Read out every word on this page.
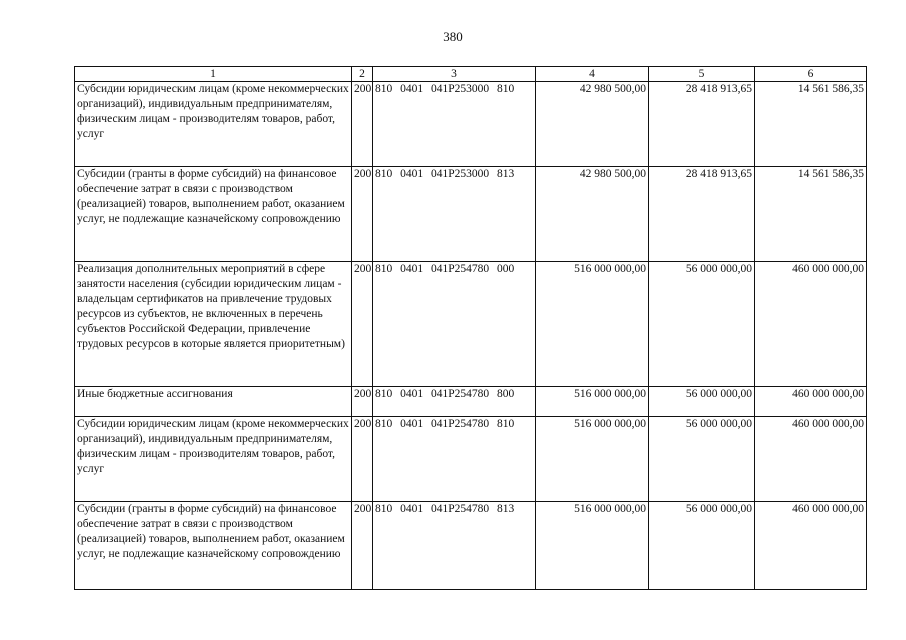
380
1	2	3	4	5	6
Субсидии юридическим лицам (кроме некоммерческих организаций), индивидуальным предпринимателям, физическим лицам - производителям товаров, работ, услуг	200	810 0401 041P253000 810	42 980 500,00	28 418 913,65	14 561 586,35
Субсидии (гранты в форме субсидий) на финансовое обеспечение затрат в связи с производством (реализацией) товаров, выполнением работ, оказанием услуг, не подлежащие казначейскому сопровождению	200	810 0401 041P253000 813	42 980 500,00	28 418 913,65	14 561 586,35
Реализация дополнительных мероприятий в сфере занятости населения (субсидии юридическим лицам - владельцам сертификатов на привлечение трудовых ресурсов из субъектов, не включенных в перечень субъектов Российской Федерации, привлечение трудовых ресурсов в которые является приоритетным)	200	810 0401 041P254780 000	516 000 000,00	56 000 000,00	460 000 000,00
Иные бюджетные ассигнования	200	810 0401 041P254780 800	516 000 000,00	56 000 000,00	460 000 000,00
Субсидии юридическим лицам (кроме некоммерческих организаций), индивидуальным предпринимателям, физическим лицам - производителям товаров, работ, услуг	200	810 0401 041P254780 810	516 000 000,00	56 000 000,00	460 000 000,00
Субсидии (гранты в форме субсидий) на финансовое обеспечение затрат в связи с производством (реализацией) товаров, выполнением работ, оказанием услуг, не подлежащие казначейскому сопровождению	200	810 0401 041P254780 813	516 000 000,00	56 000 000,00	460 000 000,00
